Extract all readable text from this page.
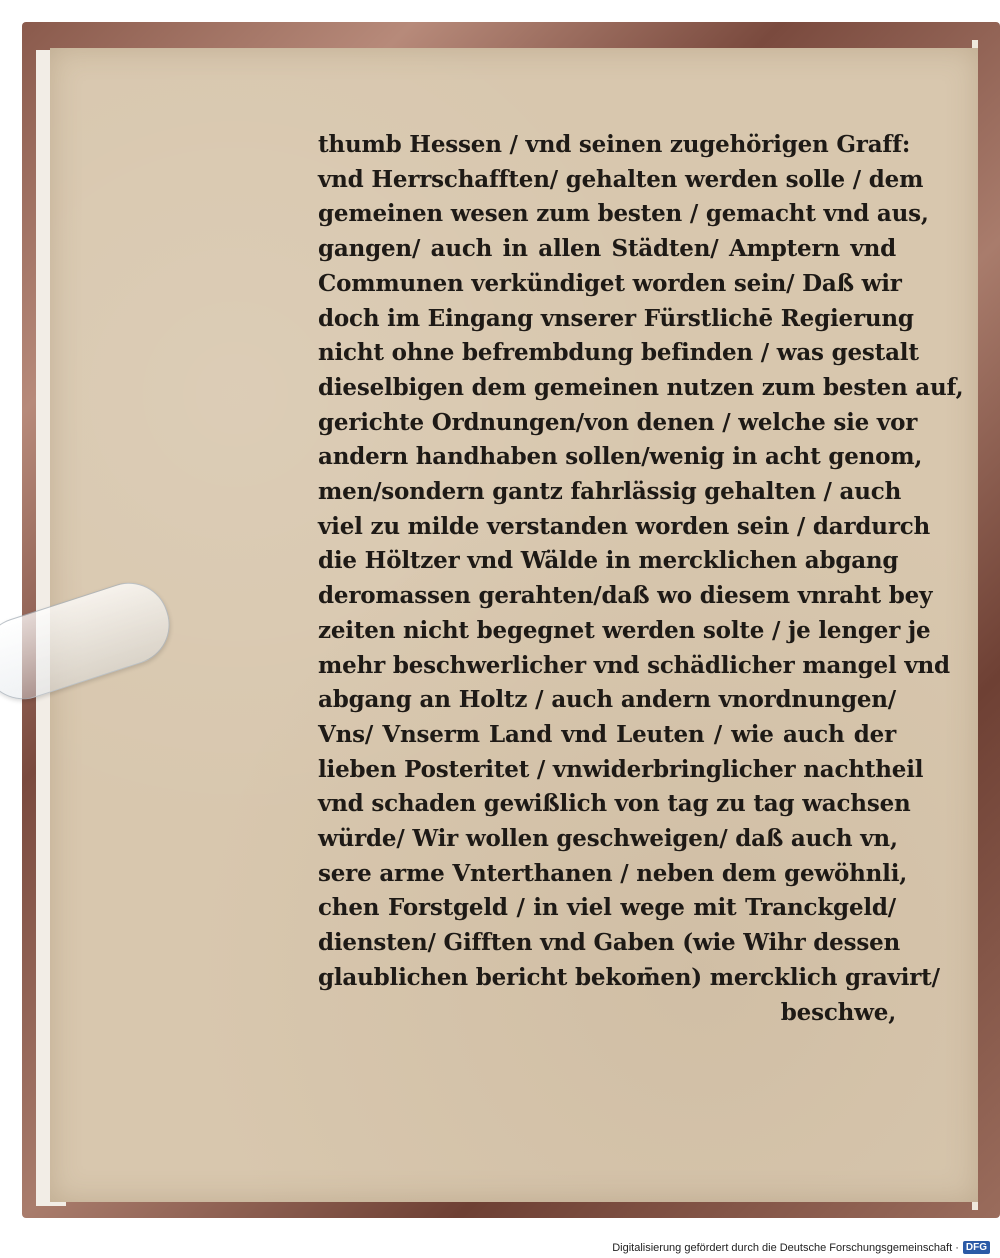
thumb Hessen / vnd seinen zugehörigen Graff:
vnd Herrschafften/ gehalten werden solle / dem
gemeinen wesen zum besten / gemacht vnd aus,
gangen/ auch in allen Städten/ Amptern vnd
Communen verkündiget worden sein/ Daß wir
doch im Eingang vnserer Fürstlichē Regierung
nicht ohne befrembdung befinden / was gestalt
dieselbigen dem gemeinen nutzen zum besten auf,
gerichte Ordnungen/von denen / welche sie vor
andern handhaben sollen/wenig in acht genom,
men/sondern gantz fahrlässig gehalten / auch
viel zu milde verstanden worden sein / dardurch
die Höltzer vnd Wälde in mercklichen abgang
deromassen gerahten/daß wo diesem vnraht bey
zeiten nicht begegnet werden solte / je lenger je
mehr beschwerlicher vnd schädlicher mangel vnd
abgang an Holtz / auch andern vnordnungen/
Vns/ Vnserm Land vnd Leuten / wie auch der
lieben Posteritet / vnwiderbringlicher nachtheil
vnd schaden gewißlich von tag zu tag wachsen
würde/ Wir wollen geschweigen/ daß auch vn,
sere arme Vnterthanen / neben dem gewöhnli,
chen Forstgeld / in viel wege mit Tranckgeld/
diensten/ Gifften vnd Gaben (wie Wihr dessen
glaublichen bericht bekom̄en) mercklich gravirt/
beschwe,
Digitalisierung gefördert durch die Deutsche Forschungsgemeinschaft · DFG
